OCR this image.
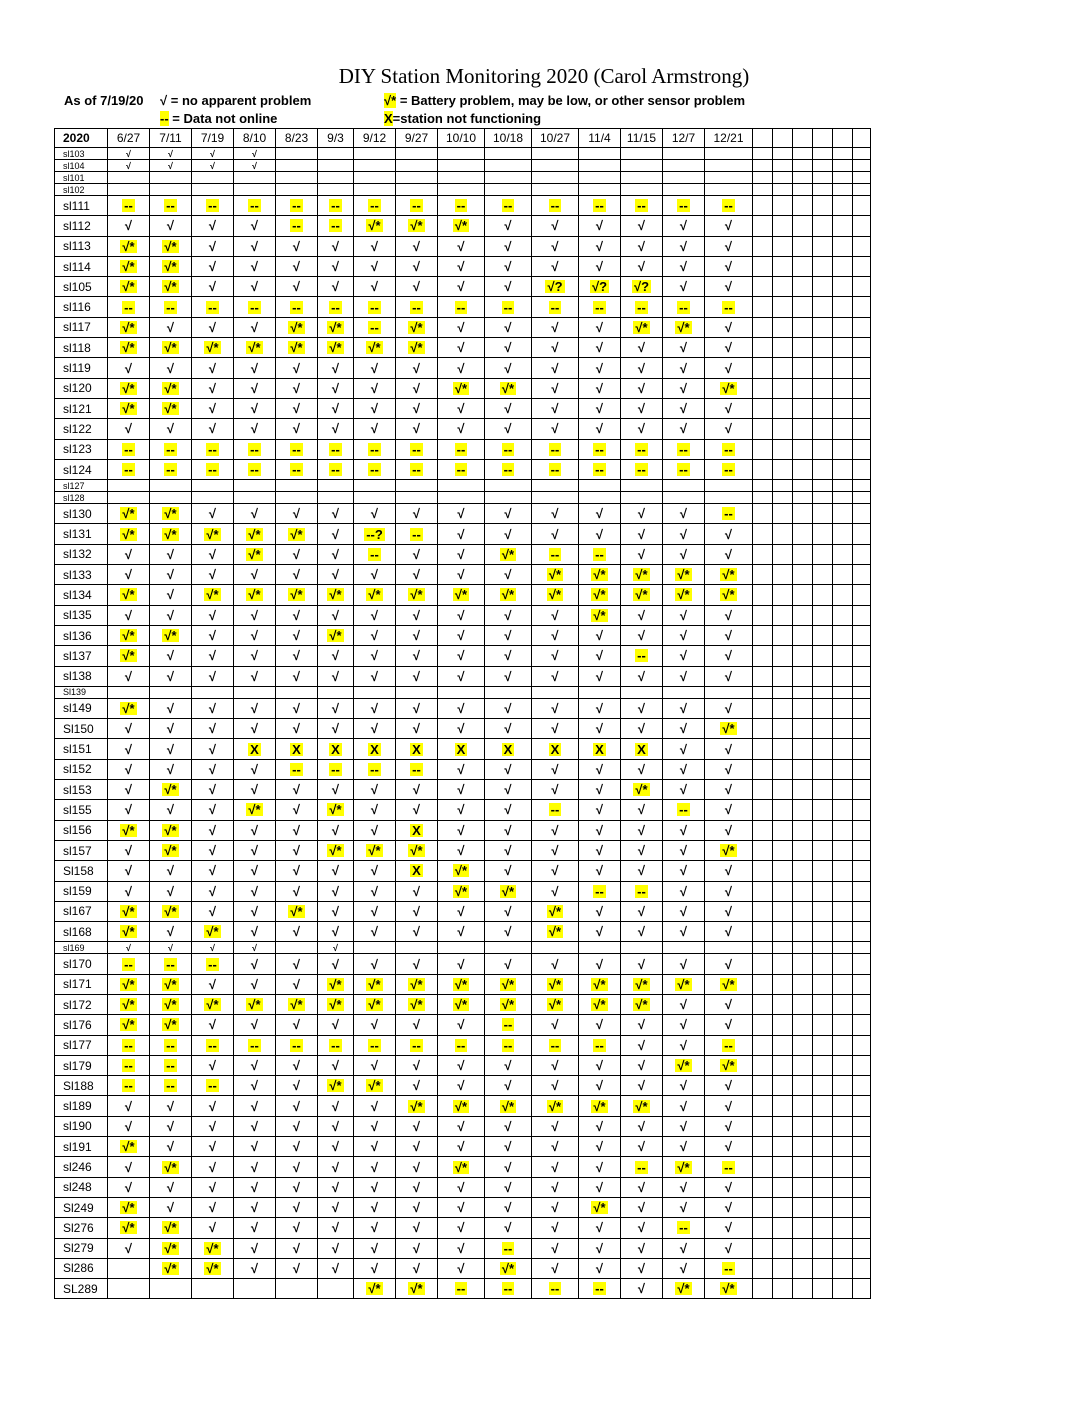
DIY Station Monitoring 2020 (Carol Armstrong)
As of 7/19/20 √ = no apparent problem	√* = Battery problem, may be low, or other sensor problem
-- = Data not online	X=station not functioning
2020	6/27	7/11	7/19	8/10	8/23	9/3	9/12	9/27	10/10	10/18	10/27	11/4	11/15	12/7	12/21						
sl103	√	√	√	√																	
sl104	√	√	√	√																	
sl101																					
sl102																					
sl111	--	--	--	--	--	--	--	--	--	--	--	--	--	--	--						
sl112	√	√	√	√	--	--	√*	√*	√*	√	√	√	√	√	√						
sl113	√*	√*	√	√	√	√	√	√	√	√	√	√	√	√	√						
sl114	√*	√*	√	√	√	√	√	√	√	√	√	√	√	√	√						
sl105	√*	√*	√	√	√	√	√	√	√	√	√?	√?	√?	√	√						
sl116	--	--	--	--	--	--	--	--	--	--	--	--	--	--	--						
sl117	√*	√	√	√	√*	√*	--	√*	√	√	√	√	√*	√*	√						
sl118	√*	√*	√*	√*	√*	√*	√*	√*	√	√	√	√	√	√	√						
sl119	√	√	√	√	√	√	√	√	√	√	√	√	√	√	√						
sl120	√*	√*	√	√	√	√	√	√	√*	√*	√	√	√	√	√*						
sl121	√*	√*	√	√	√	√	√	√	√	√	√	√	√	√	√						
sl122	√	√	√	√	√	√	√	√	√	√	√	√	√	√	√						
sl123	--	--	--	--	--	--	--	--	--	--	--	--	--	--	--						
sl124	--	--	--	--	--	--	--	--	--	--	--	--	--	--	--						
sl127																					
sl128																					
sl130	√*	√*	√	√	√	√	√	√	√	√	√	√	√	√	--						
sl131	√*	√*	√*	√*	√*	√	--?	--	√	√	√	√	√	√	√						
sl132	√	√	√	√*	√	√	--	√	√	√*	--	--	√	√	√						
sl133	√	√	√	√	√	√	√	√	√	√	√*	√*	√*	√*	√*						
sl134	√*	√	√*	√*	√*	√*	√*	√*	√*	√*	√*	√*	√*	√*	√*						
sl135	√	√	√	√	√	√	√	√	√	√	√	√*	√	√	√						
sl136	√*	√*	√	√	√	√*	√	√	√	√	√	√	√	√	√						
sl137	√*	√	√	√	√	√	√	√	√	√	√	√	--	√	√						
sl138	√	√	√	√	√	√	√	√	√	√	√	√	√	√	√						
Sl139																					
sl149	√*	√	√	√	√	√	√	√	√	√	√	√	√	√	√						
Sl150	√	√	√	√	√	√	√	√	√	√	√	√	√	√	√*						
sl151	√	√	√	X	X	X	X	X	X	X	X	X	X	√	√						
sl152	√	√	√	√	--	--	--	--	√	√	√	√	√	√	√						
sl153	√	√*	√	√	√	√	√	√	√	√	√	√	√*	√	√						
sl155	√	√	√	√*	√	√*	√	√	√	√	--	√	√	--	√						
sl156	√*	√*	√	√	√	√	√	X	√	√	√	√	√	√	√						
sl157	√	√*	√	√	√	√*	√*	√*	√	√	√	√	√	√	√*						
Sl158	√	√	√	√	√	√	√	X	√*	√	√	√	√	√	√						
sl159	√	√	√	√	√	√	√	√	√*	√*	√	--	--	√	√						
sl167	√*	√*	√	√	√*	√	√	√	√	√	√*	√	√	√	√						
sl168	√*	√	√*	√	√	√	√	√	√	√	√*	√	√	√	√						
sl169	√	√	√	√		√															
sl170	--	--	--	√	√	√	√	√	√	√	√	√	√	√	√						
sl171	√*	√*	√	√	√	√*	√*	√*	√*	√*	√*	√*	√*	√*	√*						
sl172	√*	√*	√*	√*	√*	√*	√*	√*	√*	√*	√*	√*	√*	√	√						
sl176	√*	√*	√	√	√	√	√	√	√	--	√	√	√	√	√						
sl177	--	--	--	--	--	--	--	--	--	--	--	--	√	√	--						
sl179	--	--	√	√	√	√	√	√	√	√	√	√	√	√*	√*						
Sl188	--	--	--	√	√	√*	√*	√	√	√	√	√	√	√	√						
sl189	√	√	√	√	√	√	√	√*	√*	√*	√*	√*	√*	√	√						
sl190	√	√	√	√	√	√	√	√	√	√	√	√	√	√	√						
sl191	√*	√	√	√	√	√	√	√	√	√	√	√	√	√	√						
sl246	√	√*	√	√	√	√	√	√	√*	√	√	√	--	√*	--						
sl248	√	√	√	√	√	√	√	√	√	√	√	√	√	√	√						
Sl249	√*	√	√	√	√	√	√	√	√	√	√	√*	√	√	√						
Sl276	√*	√*	√	√	√	√	√	√	√	√	√	√	√	--	√						
Sl279	√	√*	√*	√	√	√	√	√	√	--	√	√	√	√	√						
Sl286		√*	√*	√	√	√	√	√	√	√*	√	√	√	√	--						
SL289							√*	√*	--	--	--	--	√	√*	√*						
